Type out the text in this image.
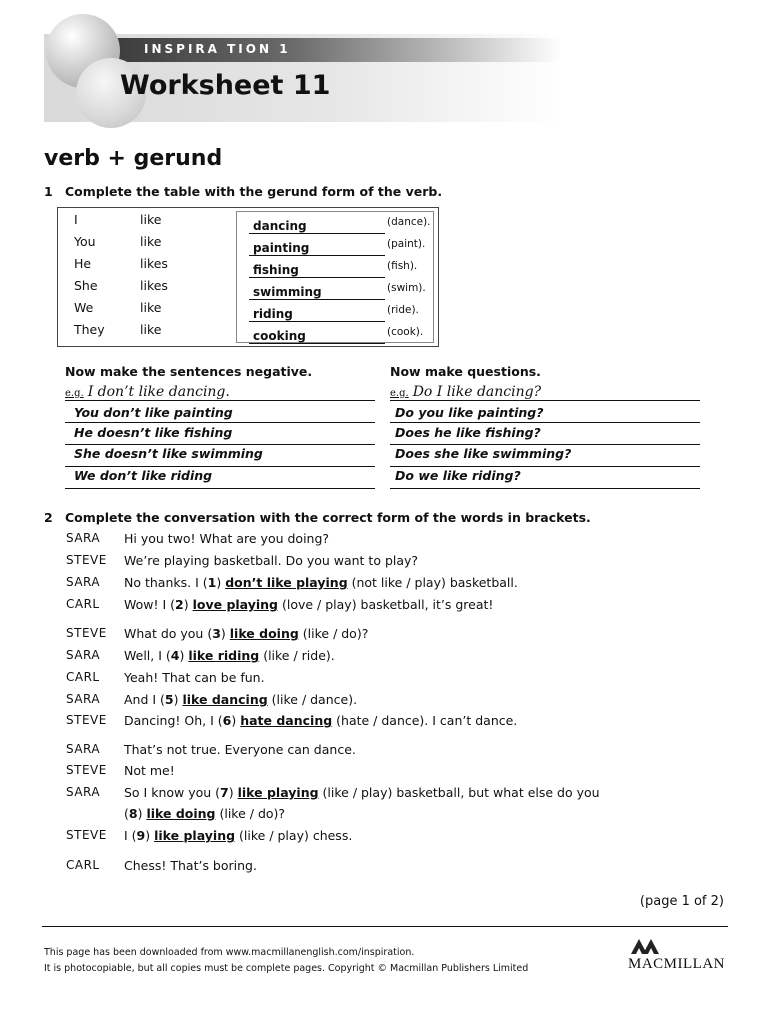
INSPIRA TION 1
Worksheet 11
verb + gerund
1 Complete the table with the gerund form of the verb.
I	like	dancing	(dance).
You	like	painting	(paint).
He	likes	fishing	(fish).
She	likes	swimming	(swim).
We	like	riding	(ride).
They	like	cooking	(cook).
Now make the sentences negative.
e.g. I don’t like dancing.
You don’t like painting
He doesn’t like fishing
She doesn’t like swimming
We don’t like riding
Now make questions.
e.g. Do I like dancing?
Do you like painting?
Does he like fishing?
Does she like swimming?
Do we like riding?
2 Complete the conversation with the correct form of the words in brackets.
SARA Hi you two! What are you doing?
STEVE We’re playing basketball. Do you want to play?
SARA No thanks. I (1) don’t like playing (not like / play) basketball.
CARL Wow! I (2) love playing (love / play) basketball, it’s great!
STEVE What do you (3) like doing (like / do)?
SARA Well, I (4) like riding (like / ride).
CARL Yeah! That can be fun.
SARA And I (5) like dancing (like / dance).
STEVE Dancing! Oh, I (6) hate dancing (hate / dance). I can’t dance.
SARA That’s not true. Everyone can dance.
STEVE Not me!
SARA So I know you (7) like playing (like / play) basketball, but what else do you
(8) like doing (like / do)?
STEVE I (9) like playing (like / play) chess.
CARL Chess! That’s boring.
(page 1 of 2)
This page has been downloaded from www.macmillanenglish.com/inspiration.
It is photocopiable, but all copies must be complete pages. Copyright © Macmillan Publishers Limited	MACMILLAN
